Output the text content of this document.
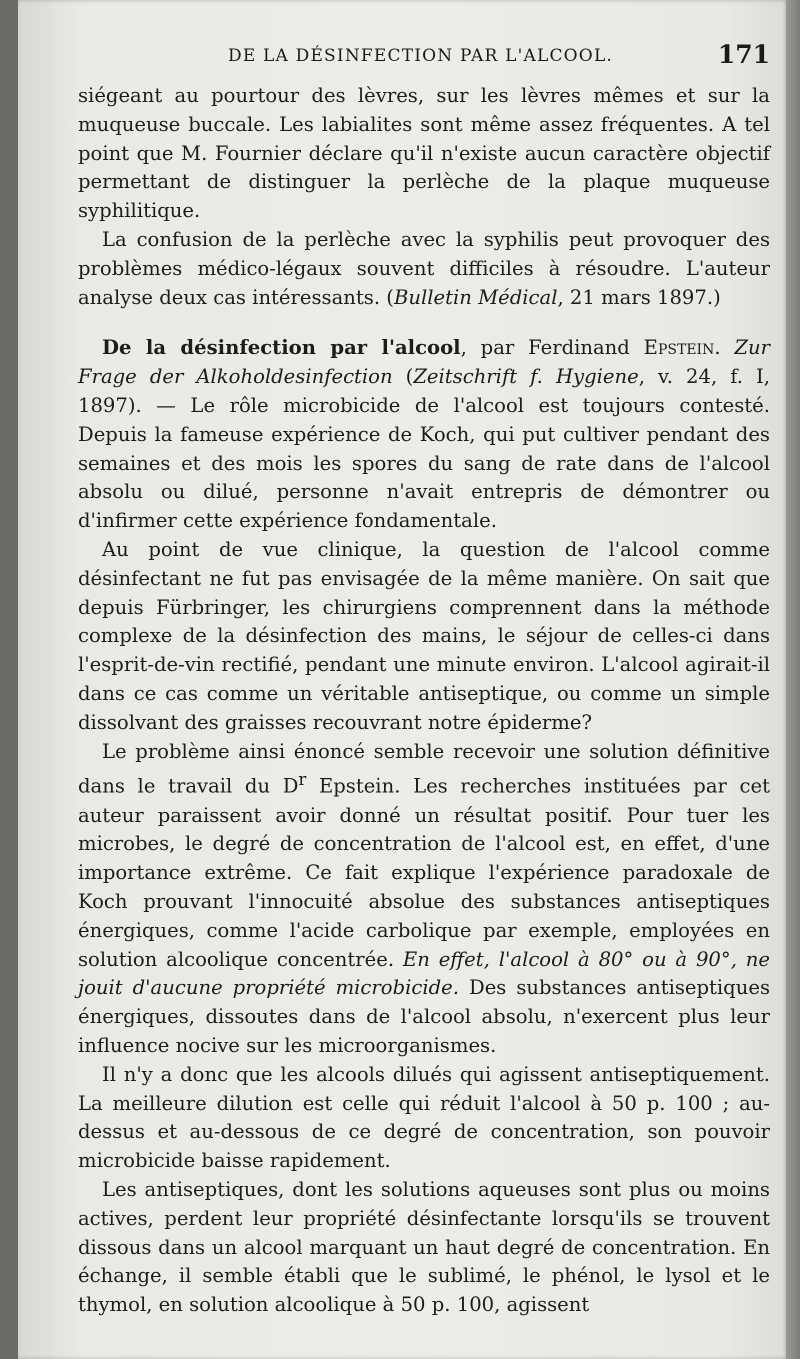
DE LA DÉSINFECTION PAR L'ALCOOL.	171

siégeant au pourtour des lèvres, sur les lèvres mêmes et sur la muqueuse buccale. Les labialites sont même assez fréquentes. A tel point que M. Fournier déclare qu'il n'existe aucun caractère objectif permettant de distinguer la perlèche de la plaque muqueuse syphilitique.

La confusion de la perlèche avec la syphilis peut provoquer des problèmes médico-légaux souvent difficiles à résoudre. L'auteur analyse deux cas intéressants. (Bulletin Médical, 21 mars 1897.)

De la désinfection par l'alcool, par Ferdinand Epstein. Zur Frage der Alkoholdesinfection (Zeitschrift f. Hygiene, v. 24, f. I, 1897). — Le rôle microbicide de l'alcool est toujours contesté. Depuis la fameuse expérience de Koch, qui put cultiver pendant des semaines et des mois les spores du sang de rate dans de l'alcool absolu ou dilué, personne n'avait entrepris de démontrer ou d'infirmer cette expérience fondamentale.

Au point de vue clinique, la question de l'alcool comme désinfectant ne fut pas envisagée de la même manière. On sait que depuis Fürbringer, les chirurgiens comprennent dans la méthode complexe de la désinfection des mains, le séjour de celles-ci dans l'esprit-de-vin rectifié, pendant une minute environ. L'alcool agirait-il dans ce cas comme un véritable antiseptique, ou comme un simple dissolvant des graisses recouvrant notre épiderme?

Le problème ainsi énoncé semble recevoir une solution définitive dans le travail du $D^r$ Epstein. Les recherches instituées par cet auteur paraissent avoir donné un résultat positif. Pour tuer les microbes, le degré de concentration de l'alcool est, en effet, d'une importance extrême. Ce fait explique l'expérience paradoxale de Koch prouvant l'innocuité absolue des substances antiseptiques énergiques, comme l'acide carbolique par exemple, employées en solution alcoolique concentrée. En effet, l'alcool à 80° ou à 90°, ne jouit d'aucune propriété microbicide. Des substances antiseptiques énergiques, dissoutes dans de l'alcool absolu, n'exercent plus leur influence nocive sur les microorganismes.

Il n'y a donc que les alcools dilués qui agissent antiseptiquement. La meilleure dilution est celle qui réduit l'alcool à 50 p. 100 ; au-dessus et au-dessous de ce degré de concentration, son pouvoir microbicide baisse rapidement.

Les antiseptiques, dont les solutions aqueuses sont plus ou moins actives, perdent leur propriété désinfectante lorsqu'ils se trouvent dissous dans un alcool marquant un haut degré de concentration. En échange, il semble établi que le sublimé, le phénol, le lysol et le thymol, en solution alcoolique à 50 p. 100, agissent
